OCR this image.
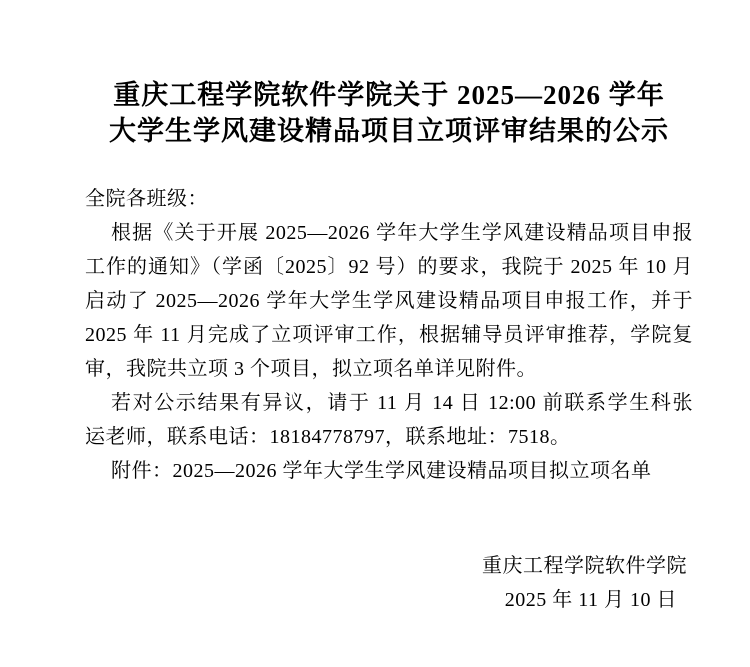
重庆工程学院软件学院关于 2025—2026 学年
大学生学风建设精品项目立项评审结果的公示
全院各班级：
根据《关于开展 2025—2026 学年大学生学风建设精品项目申报
工作的通知》（学函〔2025〕92 号）的要求，我院于 2025 年 10 月
启动了 2025—2026 学年大学生学风建设精品项目申报工作，并于
2025 年 11 月完成了立项评审工作，根据辅导员评审推荐，学院复
审，我院共立项 3 个项目，拟立项名单详见附件。
若对公示结果有异议，请于 11 月 14 日 12:00 前联系学生科张
运老师，联系电话：18184778797，联系地址：7518。
附件：2025—2026 学年大学生学风建设精品项目拟立项名单
重庆工程学院软件学院
2025 年 11 月 10 日
